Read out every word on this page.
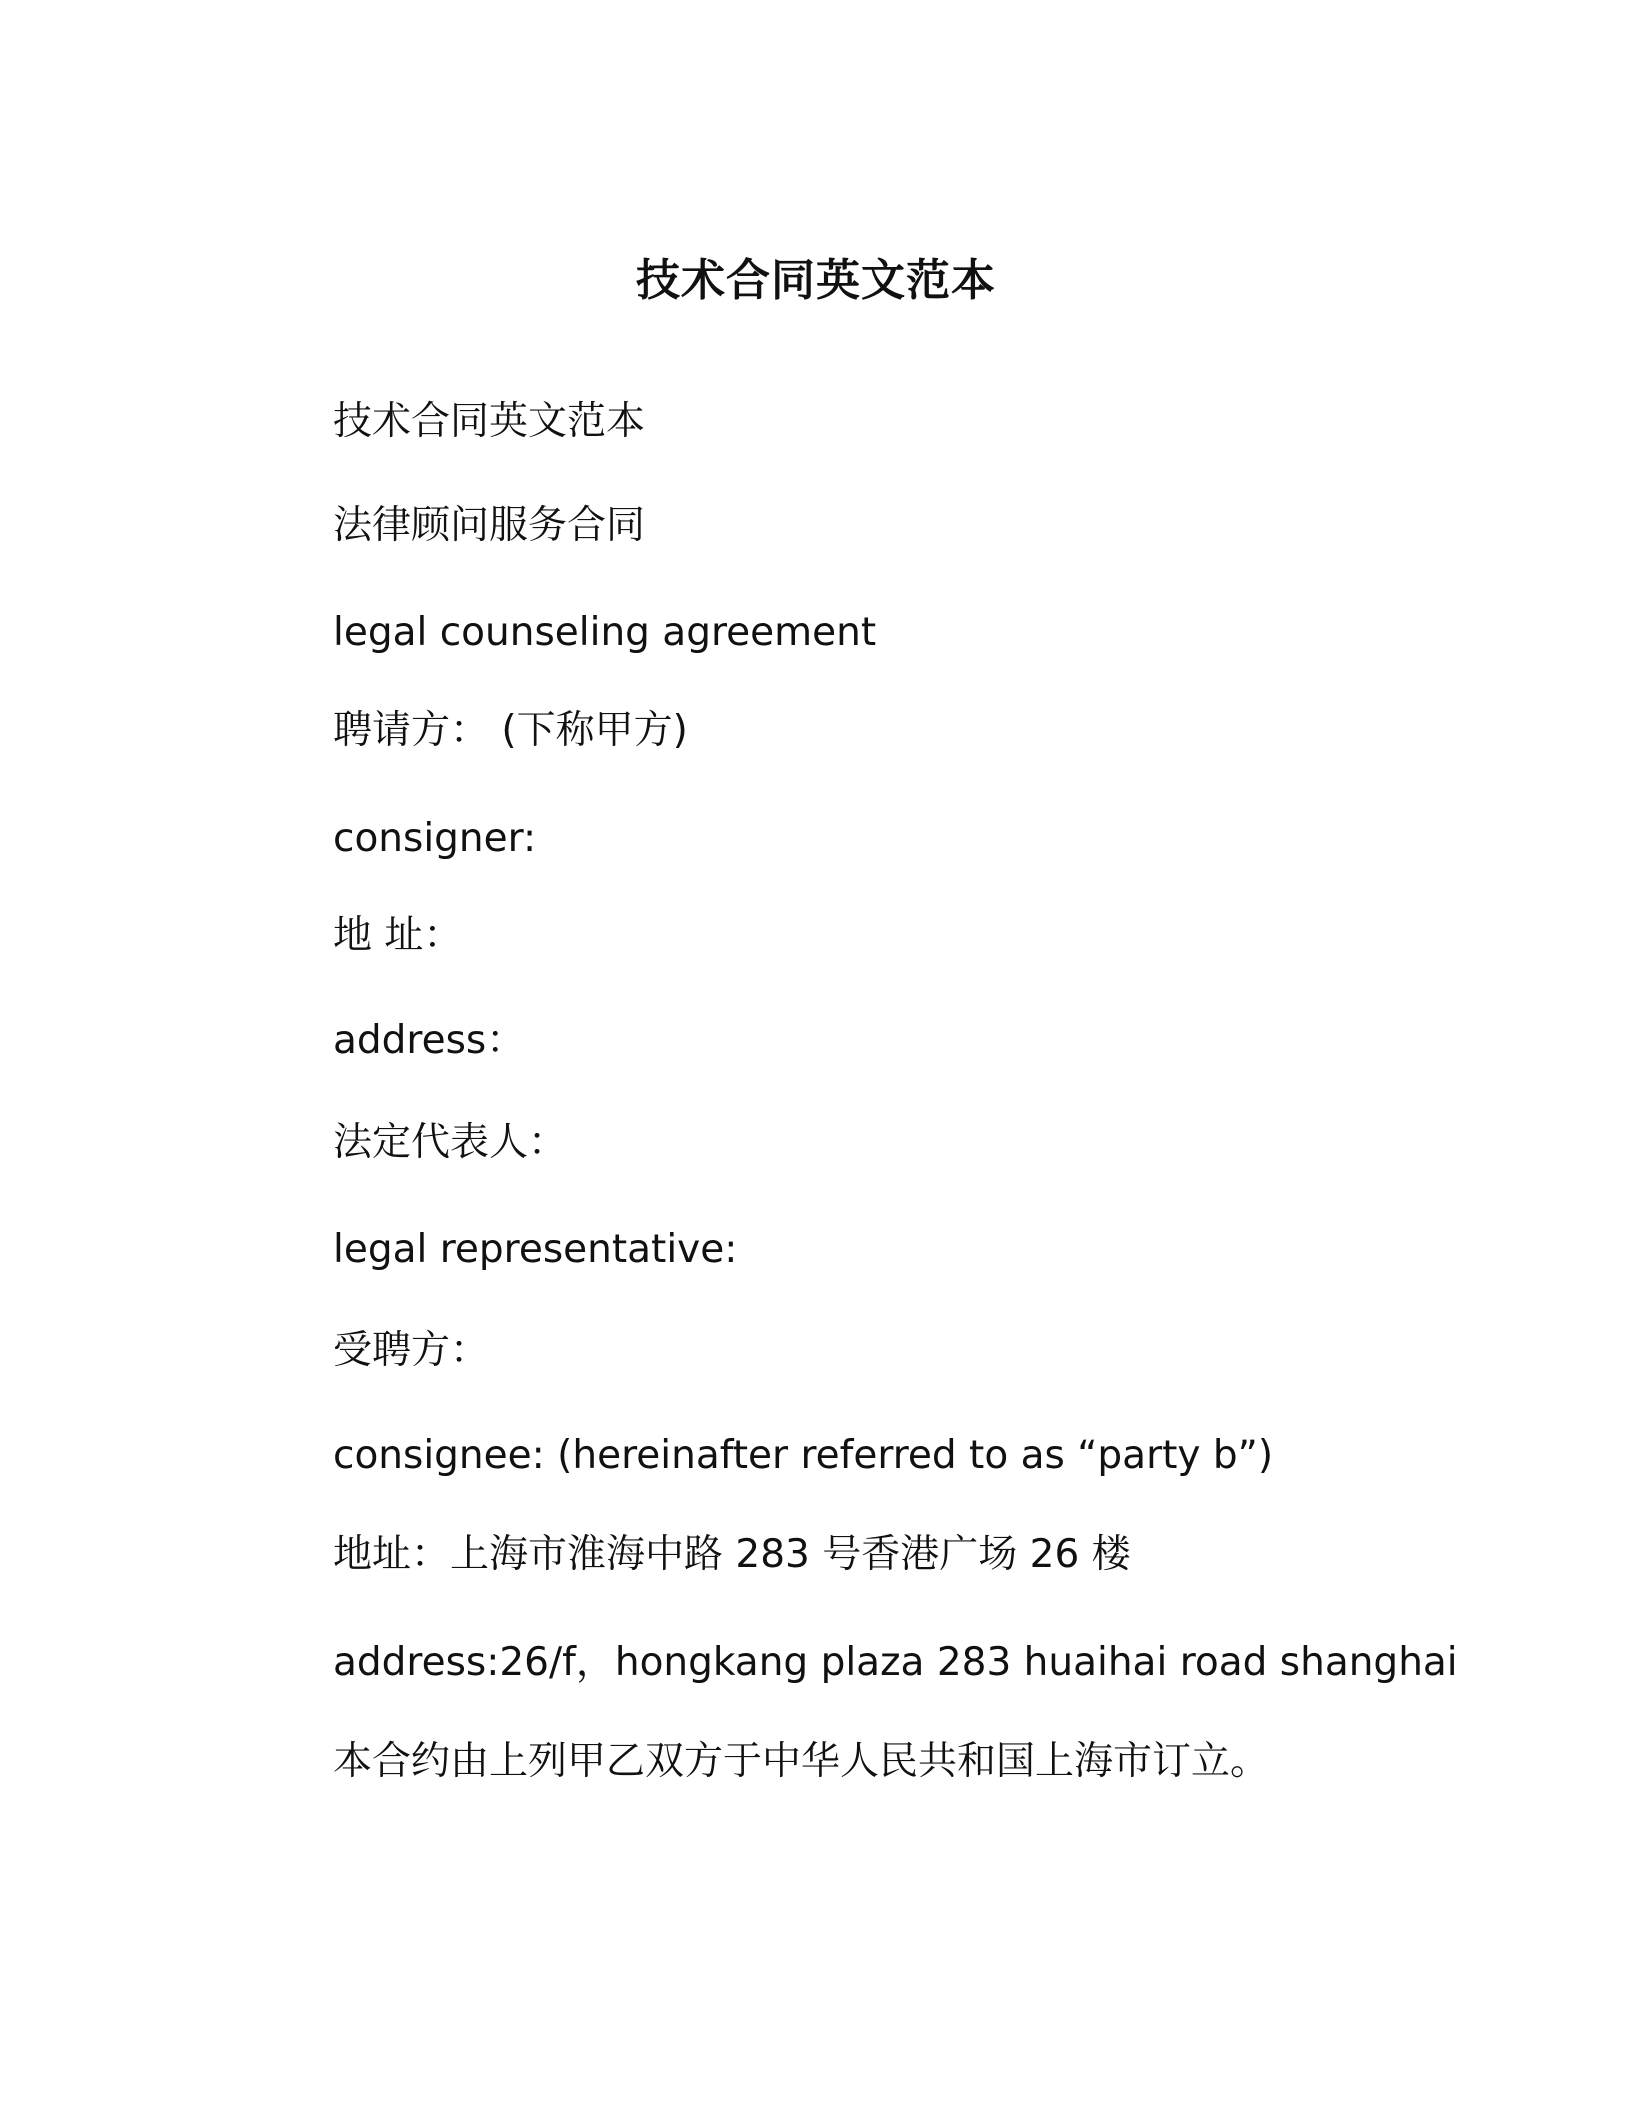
技术合同英文范本

技术合同英文范本

法律顾问服务合同

legal counseling agreement

聘请方： (下称甲方)

consigner:

地 址：

address：

法定代表人：

legal representative:

受聘方：

consignee: (hereinafter referred to as “party b”)

地址：上海市淮海中路 283 号香港广场 26 楼

address:26/f，hongkang plaza 283 huaihai road shanghai

本合约由上列甲乙双方于中华人民共和国上海市订立。
